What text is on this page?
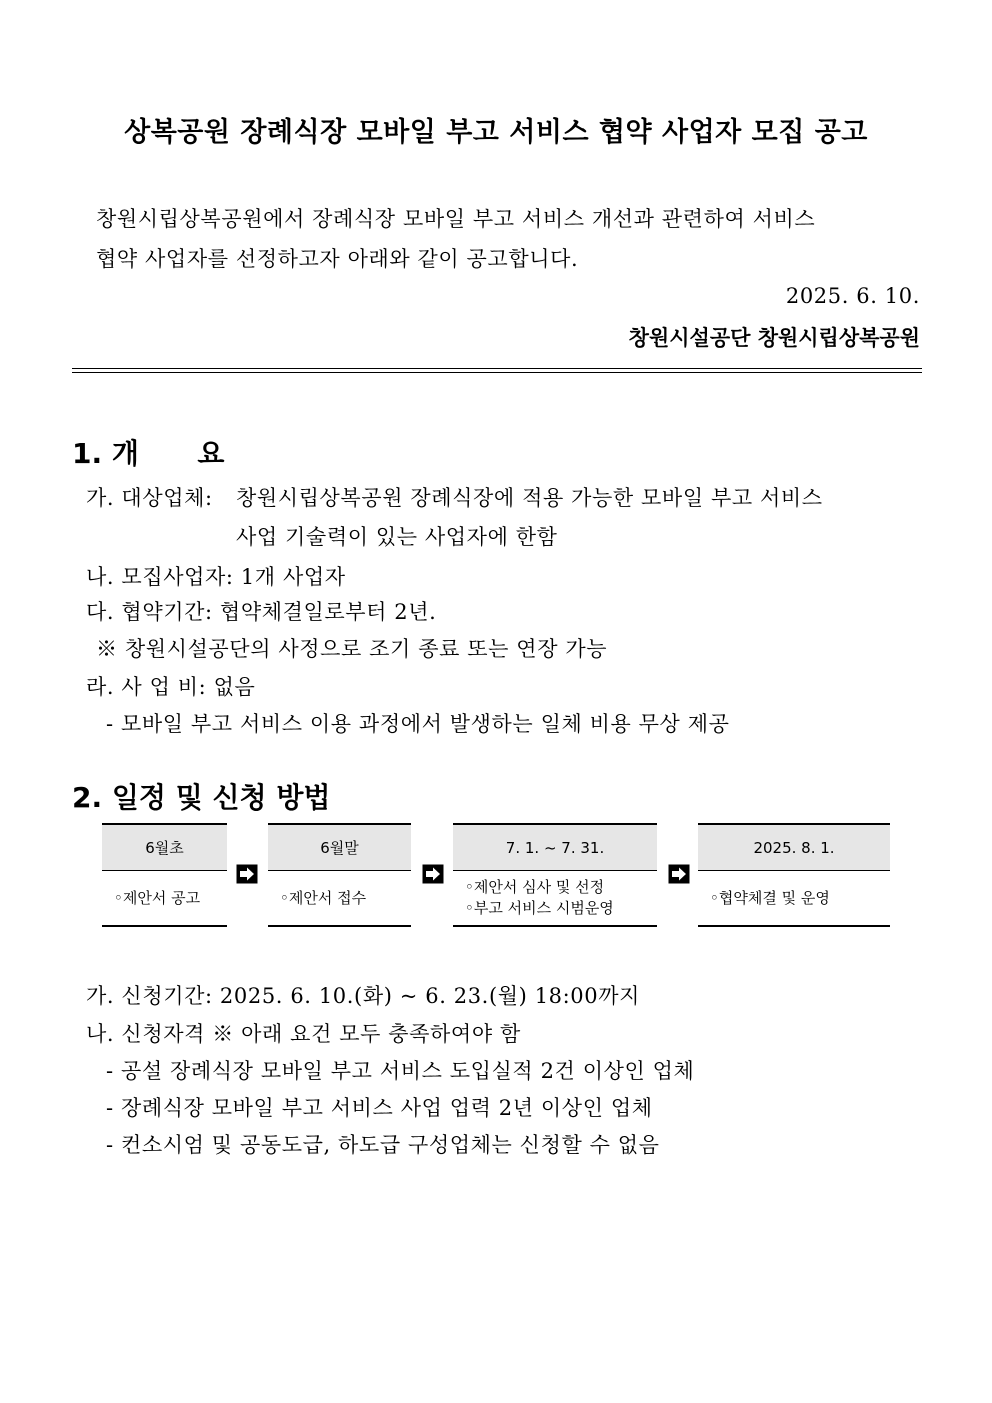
상복공원 장례식장 모바일 부고 서비스 협약 사업자 모집 공고
창원시립상복공원에서 장례식장 모바일 부고 서비스 개선과 관련하여 서비스
협약 사업자를 선정하고자 아래와 같이 공고합니다.
2025. 6. 10.
창원시설공단 창원시립상복공원
1. 개      요
가. 대상업체: 창원시립상복공원 장례식장에 적용 가능한 모바일 부고 서비스
사업 기술력이 있는 사업자에 한함
나. 모집사업자: 1개 사업자
다. 협약기간: 협약체결일로부터 2년.
※ 창원시설공단의 사정으로 조기 종료 또는 연장 가능
라. 사 업 비: 없음
- 모바일 부고 서비스 이용 과정에서 발생하는 일체 비용 무상 제공
2. 일정 및 신청 방법
6월초
◦제안서 공고
6월말
◦제안서 접수
7. 1. ~ 7. 31.
◦제안서 심사 및 선정
◦부고 서비스 시범운영
2025. 8. 1.
◦협약체결 및 운영
가. 신청기간: 2025. 6. 10.(화) ~ 6. 23.(월) 18:00까지
나. 신청자격 ※ 아래 요건 모두 충족하여야 함
- 공설 장례식장 모바일 부고 서비스 도입실적 2건 이상인 업체
- 장례식장 모바일 부고 서비스 사업 업력 2년 이상인 업체
- 컨소시엄 및 공동도급, 하도급 구성업체는 신청할 수 없음
